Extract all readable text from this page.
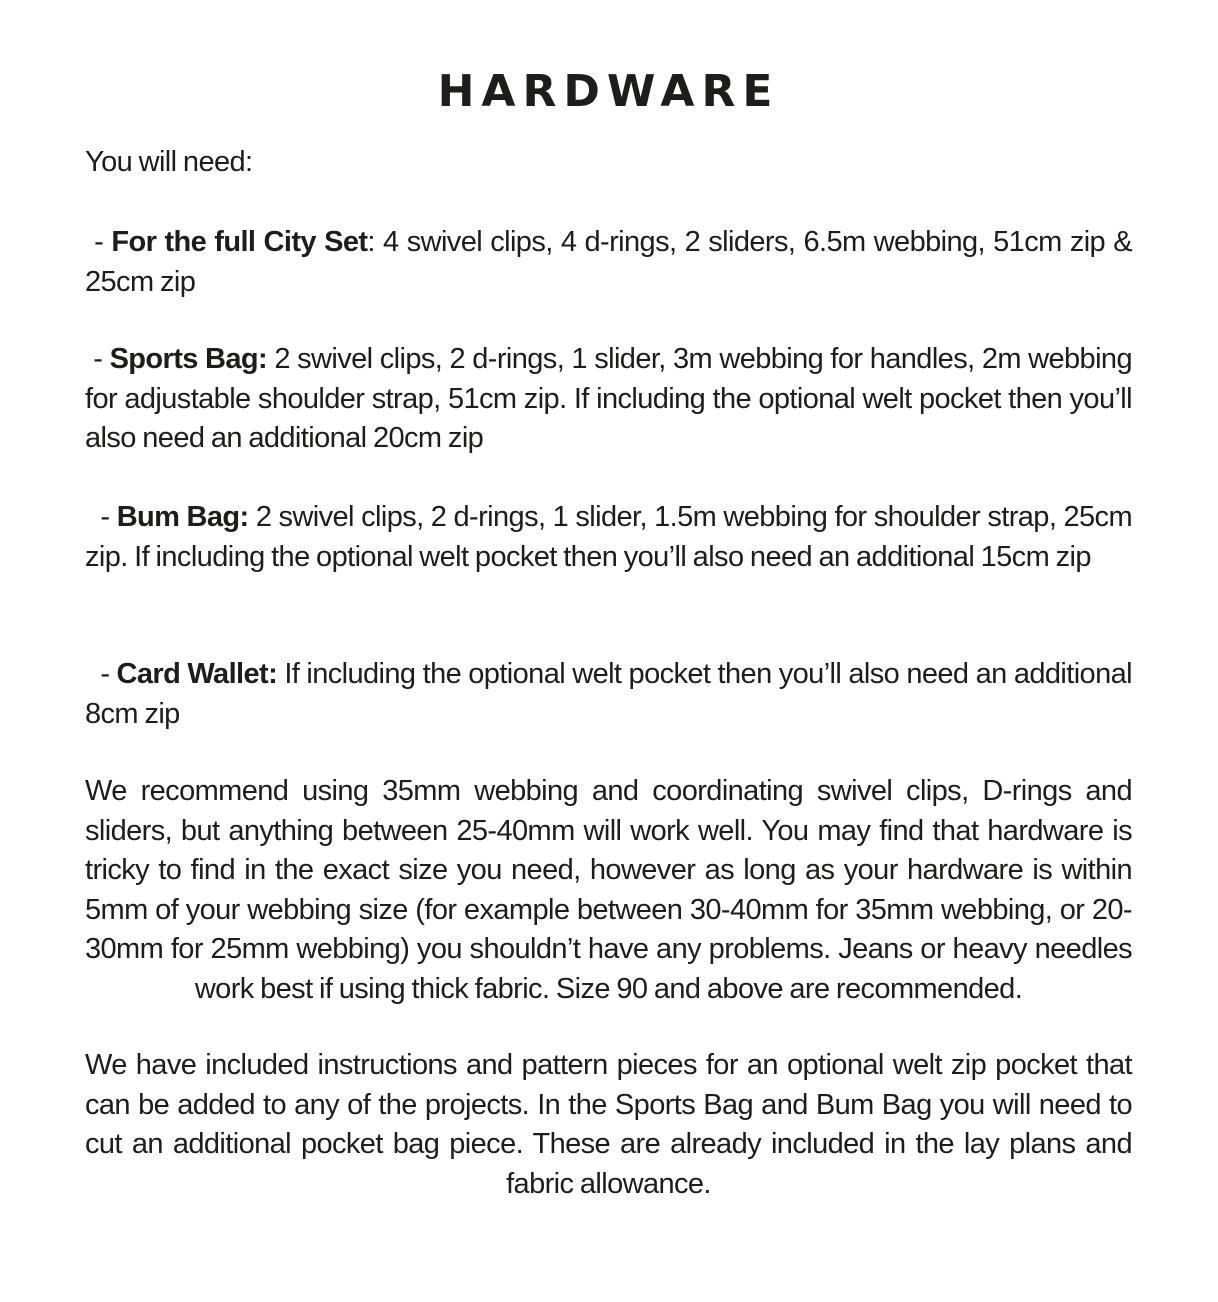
HARDWARE

You will need:

- For the full City Set: 4 swivel clips, 4 d-rings, 2 sliders, 6.5m webbing, 51cm zip & 25cm zip

- Sports Bag: 2 swivel clips, 2 d-rings, 1 slider, 3m webbing for handles, 2m webbing for adjustable shoulder strap, 51cm zip. If including the optional welt pocket then you’ll also need an additional 20cm zip

- Bum Bag: 2 swivel clips, 2 d-rings, 1 slider, 1.5m webbing for shoulder strap, 25cm zip. If including the optional welt pocket then you’ll also need an additional 15cm zip

- Card Wallet: If including the optional welt pocket then you’ll also need an additional 8cm zip

We recommend using 35mm webbing and coordinating swivel clips, D-rings and sliders, but anything between 25-40mm will work well. You may find that hardware is tricky to find in the exact size you need, however as long as your hardware is within 5mm of your webbing size (for example between 30-40mm for 35mm webbing, or 20-30mm for 25mm webbing) you shouldn’t have any problems. Jeans or heavy needles work best if using thick fabric. Size 90 and above are recommended.

We have included instructions and pattern pieces for an optional welt zip pocket that can be added to any of the projects. In the Sports Bag and Bum Bag you will need to cut an additional pocket bag piece. These are already included in the lay plans and fabric allowance.
